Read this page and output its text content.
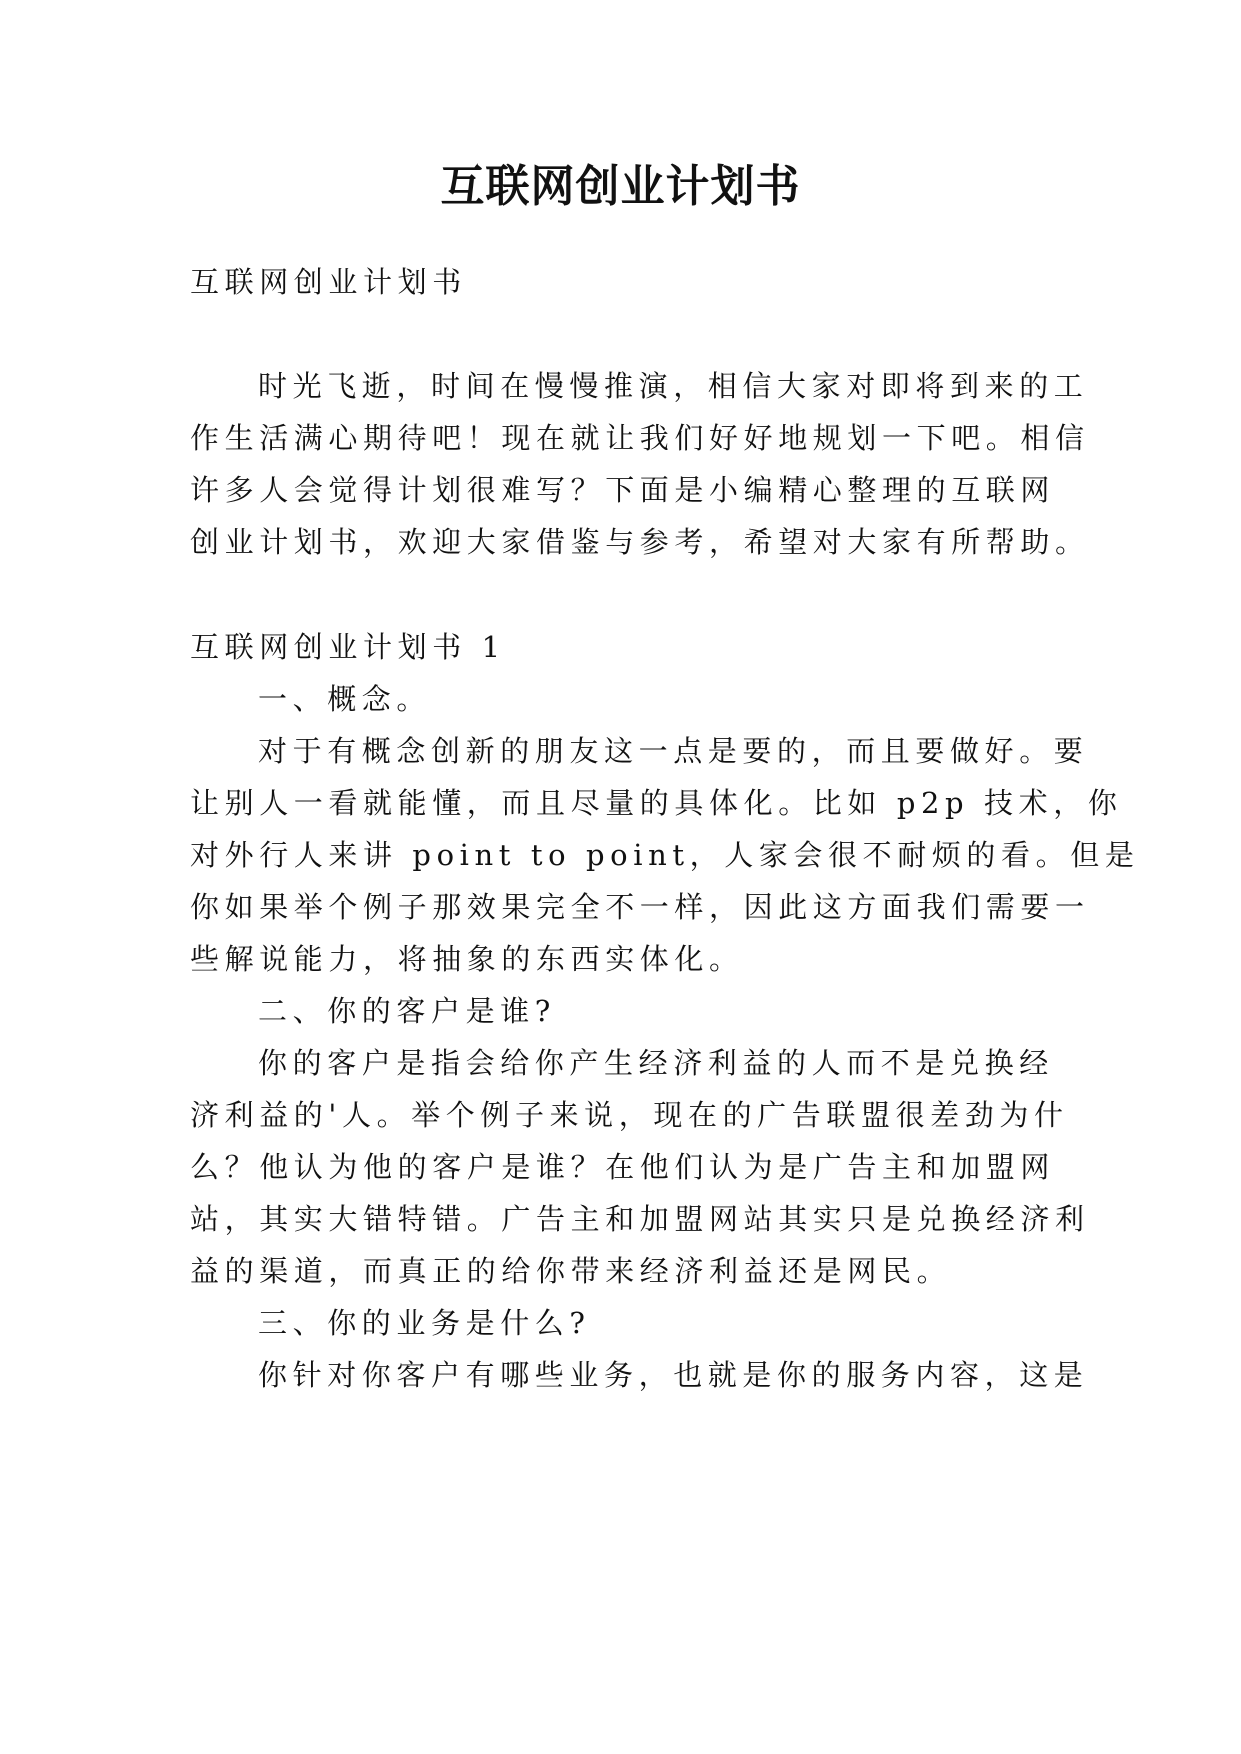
互联网创业计划书

互联网创业计划书

时光飞逝，时间在慢慢推演，相信大家对即将到来的工

作生活满心期待吧！现在就让我们好好地规划一下吧。相信

许多人会觉得计划很难写？下面是小编精心整理的互联网

创业计划书，欢迎大家借鉴与参考，希望对大家有所帮助。

互联网创业计划书 1

一、概念。

对于有概念创新的朋友这一点是要的，而且要做好。要

让别人一看就能懂，而且尽量的具体化。比如 p2p 技术，你

对外行人来讲 point to point，人家会很不耐烦的看。但是

你如果举个例子那效果完全不一样，因此这方面我们需要一

些解说能力，将抽象的东西实体化。

二、你的客户是谁?

你的客户是指会给你产生经济利益的人而不是兑换经

济利益的'人。举个例子来说，现在的广告联盟很差劲为什

么？他认为他的客户是谁？在他们认为是广告主和加盟网

站，其实大错特错。广告主和加盟网站其实只是兑换经济利

益的渠道，而真正的给你带来经济利益还是网民。

三、你的业务是什么?

你针对你客户有哪些业务，也就是你的服务内容，这是
